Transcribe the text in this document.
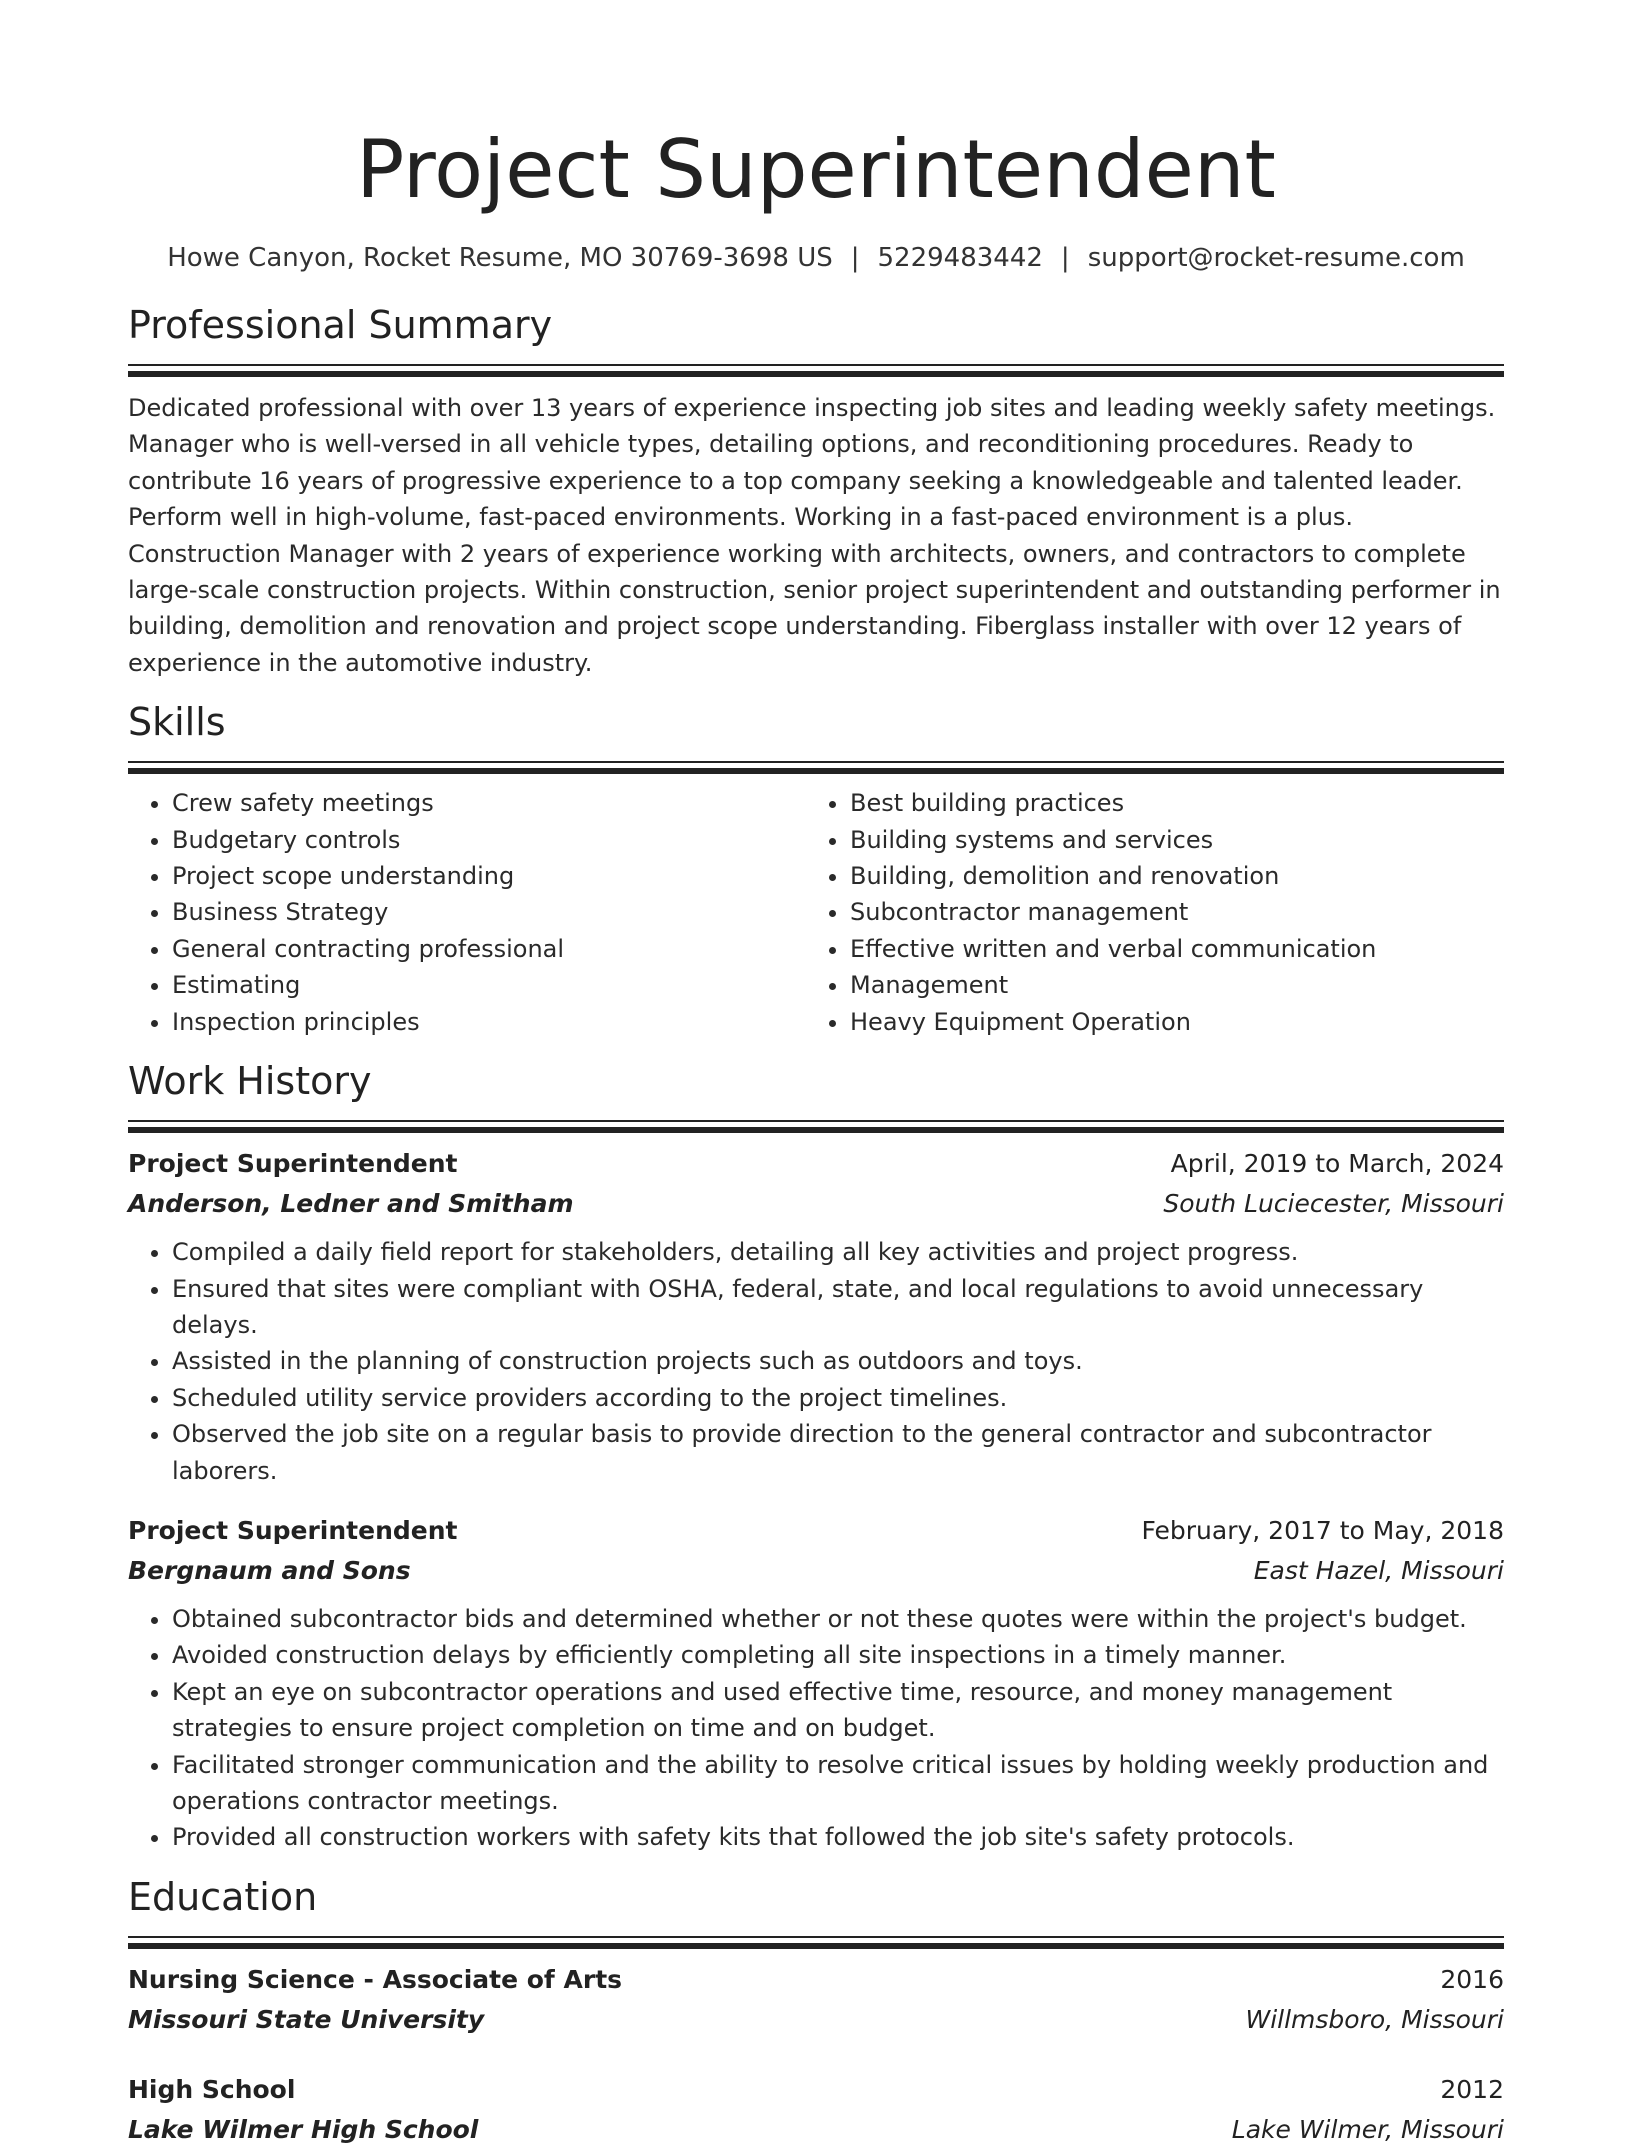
Project Superintendent
Howe Canyon, Rocket Resume, MO 30769-3698 US | 5229483442 | support@rocket-resume.com
Professional Summary

Dedicated professional with over 13 years of experience inspecting job sites and leading weekly safety meetings. Manager who is well-versed in all vehicle types, detailing options, and reconditioning procedures. Ready to contribute 16 years of progressive experience to a top company seeking a knowledgeable and talented leader. Perform well in high-volume, fast-paced environments. Working in a fast-paced environment is a plus. Construction Manager with 2 years of experience working with architects, owners, and contractors to complete large-scale construction projects. Within construction, senior project superintendent and outstanding performer in building, demolition and renovation and project scope understanding. Fiberglass installer with over 12 years of experience in the automotive industry.

Skills
• Crew safety meetings
• Budgetary controls
• Project scope understanding
• Business Strategy
• General contracting professional
• Estimating
• Inspection principles
• Best building practices
• Building systems and services
• Building, demolition and renovation
• Subcontractor management
• Effective written and verbal communication
• Management
• Heavy Equipment Operation
Work History
Project Superintendent	April, 2019 to March, 2024
Anderson, Ledner and Smitham	South Luciecester, Missouri
• Compiled a daily field report for stakeholders, detailing all key activities and project progress.
• Ensured that sites were compliant with OSHA, federal, state, and local regulations to avoid unnecessary delays.
• Assisted in the planning of construction projects such as outdoors and toys.
• Scheduled utility service providers according to the project timelines.
• Observed the job site on a regular basis to provide direction to the general contractor and subcontractor laborers.
Project Superintendent	February, 2017 to May, 2018
Bergnaum and Sons	East Hazel, Missouri
• Obtained subcontractor bids and determined whether or not these quotes were within the project's budget.
• Avoided construction delays by efficiently completing all site inspections in a timely manner.
• Kept an eye on subcontractor operations and used effective time, resource, and money management strategies to ensure project completion on time and on budget.
• Facilitated stronger communication and the ability to resolve critical issues by holding weekly production and operations contractor meetings.
• Provided all construction workers with safety kits that followed the job site's safety protocols.
Education
Nursing Science - Associate of Arts	2016
Missouri State University	Willmsboro, Missouri
High School	2012
Lake Wilmer High School	Lake Wilmer, Missouri
